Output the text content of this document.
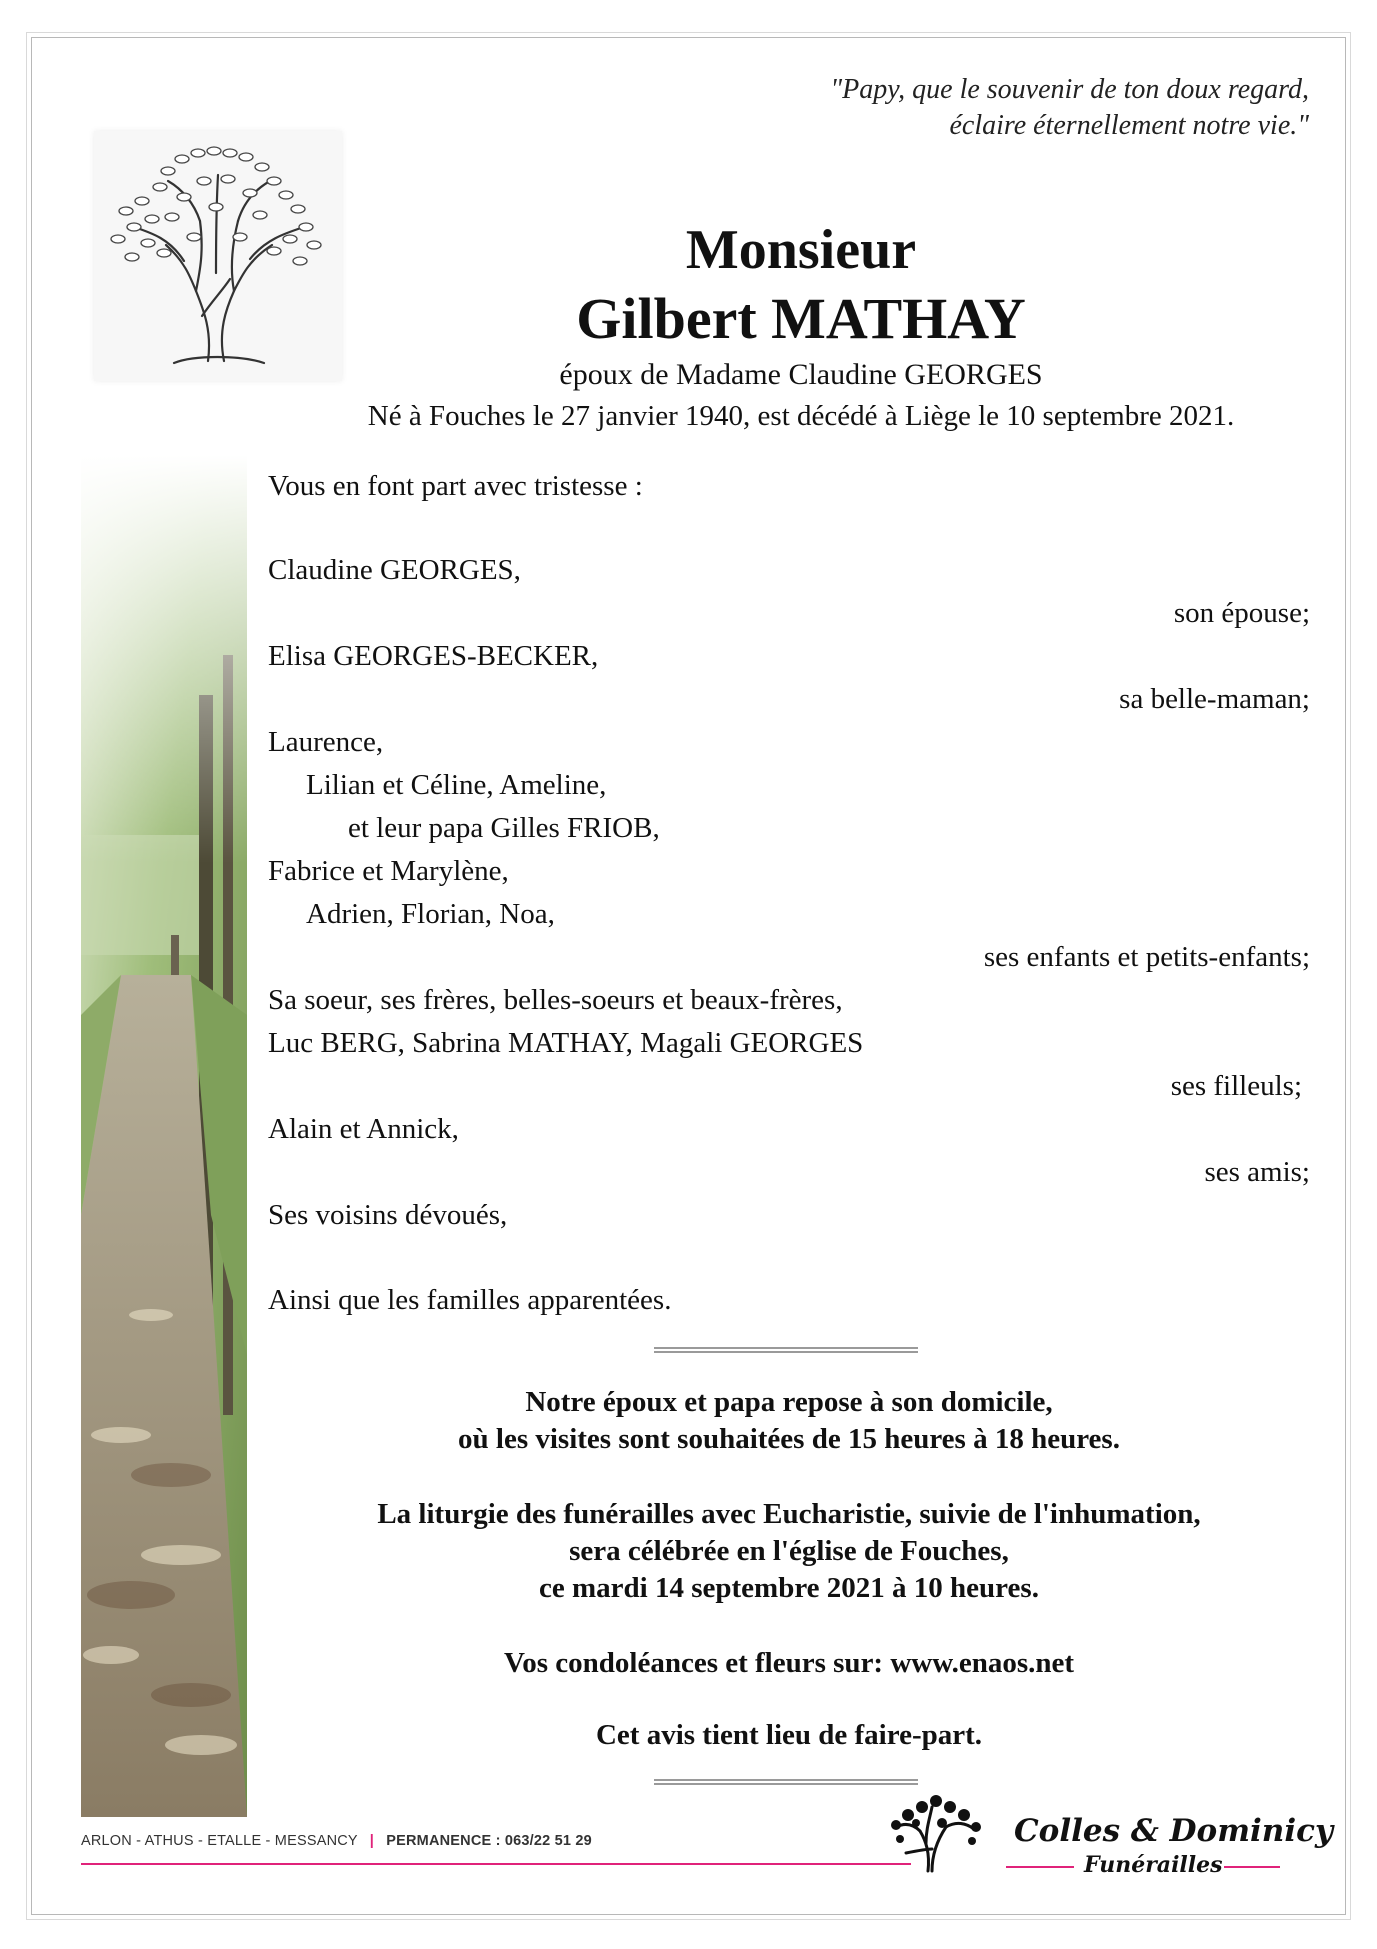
"Papy, que le souvenir de ton doux regard,
éclaire éternellement notre vie."
Monsieur
Gilbert MATHAY
époux de Madame Claudine GEORGES
Né à Fouches le 27 janvier 1940, est décédé à Liège le 10 septembre 2021.
Vous en font part avec tristesse :
Claudine GEORGES,
son épouse;
Elisa GEORGES-BECKER,
sa belle-maman;
Laurence,
Lilian et Céline, Ameline,
et leur papa Gilles FRIOB,
Fabrice et Marylène,
Adrien, Florian, Noa,
ses enfants et petits-enfants;
Sa soeur, ses frères, belles-soeurs et beaux-frères,
Luc BERG, Sabrina MATHAY, Magali GEORGES
ses filleuls;
Alain et Annick,
ses amis;
Ses voisins dévoués,
Ainsi que les familles apparentées.
Notre époux et papa repose à son domicile,
où les visites sont souhaitées de 15 heures à 18 heures.
La liturgie des funérailles avec Eucharistie, suivie de l'inhumation,
sera célébrée en l'église de Fouches,
ce mardi 14 septembre 2021 à 10 heures.
Vos condoléances et fleurs sur: www.enaos.net
Cet avis tient lieu de faire-part.
ARLON - ATHUS - ETALLE - MESSANCY | PERMANENCE : 063/22 51 29	Colles & Dominicy
Funérailles
